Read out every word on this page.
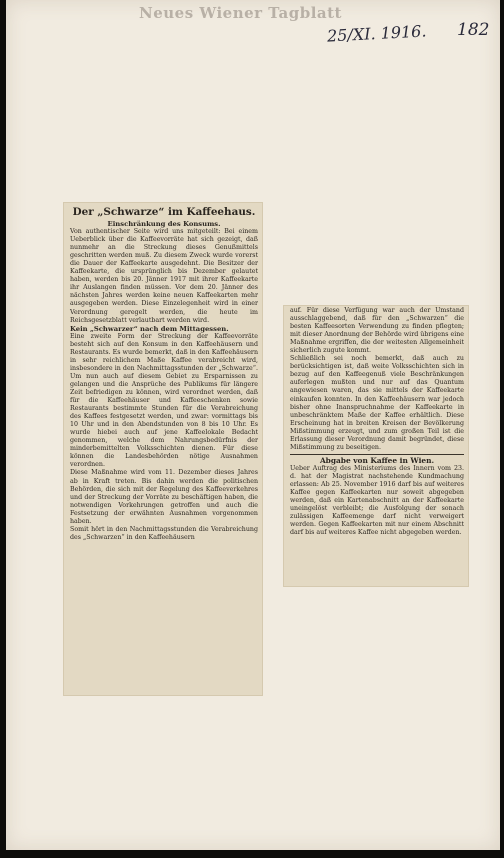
Neues Wiener Tagblatt
25/XI. 1916. 182
Der „Schwarze“ im Kaffeehaus.
Einschränkung des Konsums.

Von authentischer Seite wird uns mitgeteilt: Bei einem Ueberblick über die Kaffeevorräte hat sich gezeigt, daß nunmehr an die Streckung dieses Genußmittels geschritten werden muß. Zu diesem Zweck wurde vorerst die Dauer der Kaffeekarte ausgedehnt. Die Besitzer der Kaffeekarte, die ursprünglich bis Dezember gelautet haben, werden bis 20. Jänner 1917 mit ihrer Kaffeekarte ihr Auslangen finden müssen. Vor dem 20. Jänner des nächsten Jahres werden keine neuen Kaffeekarten mehr ausgegeben werden. Diese Einzelegenheit wird in einer Verordnung geregelt werden, die heute im Reichsgesetzblatt verlautbart werden wird.

Kein „Schwarzer“ nach dem Mittagessen.

Eine zweite Form der Streckung der Kaffeevorräte besteht sich auf den Konsum in den Kaffeehäusern und Restaurants. Es wurde bemerkt, daß in den Kaffeehäusern in sehr reichlichem Maße Kaffee verabreicht wird, insbesondere in den Nachmittagsstunden der „Schwarze“. Um nun auch auf diesem Gebiet zu Ersparnissen zu gelangen und die Ansprüche des Publikums für längere Zeit befriedigen zu können, wird verordnet werden, daß für die Kaffeehäuser und Kaffeeschenken sowie Restaurants bestimmte Stunden für die Verabreichung des Kaffees festgesetzt werden, und zwar: vormittags bis 10 Uhr und in den Abendstunden von 8 bis 10 Uhr. Es wurde hiebei auch auf jene Kaffeelokale Bedacht genommen, welche dem Nahrungsbedürfnis der minderbemittelten Volksschichten dienen. Für diese können die Landesbehörden nötige Ausnahmen verordnen.

Diese Maßnahme wird vom 11. Dezember dieses Jahres ab in Kraft treten. Bis dahin werden die politischen Behörden, die sich mit der Regelung des Kaffeeverkehres und der Streckung der Vorräte zu beschäftigen haben, die notwendigen Vorkehrungen getroffen und auch die Festsetzung der erwähnten Ausnahmen vorgenommen haben.

Somit hört in den Nachmittagsstunden die Verabreichung des „Schwarzen“ in den Kaffeehäusern

auf. Für diese Verfügung war auch der Umstand ausschlaggebend, daß für den „Schwarzen“ die besten Kaffeesorten Verwendung zu finden pflegten; mit dieser Anordnung der Behörde wird übrigens eine Maßnahme ergriffen, die der weitesten Allgemeinheit sicherlich zugute kommt.

Schließlich sei noch bemerkt, daß auch zu berücksichtigen ist, daß weite Volksschichten sich in bezug auf den Kaffeegenuß viele Beschränkungen auferlegen mußten und nur auf das Quantum angewiesen waren, das sie mittels der Kaffeekarte einkaufen konnten. In den Kaffeehäusern war jedoch bisher ohne Inanspruchnahme der Kaffeekarte in unbeschränktem Maße der Kaffee erhältlich. Diese Erscheinung hat in breiten Kreisen der Bevölkerung Mißstimmung erzeugt, und zum großen Teil ist die Erlassung dieser Verordnung damit begründet, diese Mißstimmung zu beseitigen.

Abgabe von Kaffee in Wien.

Ueber Auftrag des Ministeriums des Innern vom 23. d. hat der Magistrat nachstehende Kundmachung erlassen: Ab 25. November 1916 darf bis auf weiteres Kaffee gegen Kaffeekarten nur soweit abgegeben werden, daß ein Kartenabschnitt an der Kaffeekarte uneingelöst verbleibt; die Ausfolgung der sonach zulässigen Kaffeemenge darf nicht verweigert werden. Gegen Kaffeekarten mit nur einem Abschnitt darf bis auf weiteres Kaffee nicht abgegeben werden.
